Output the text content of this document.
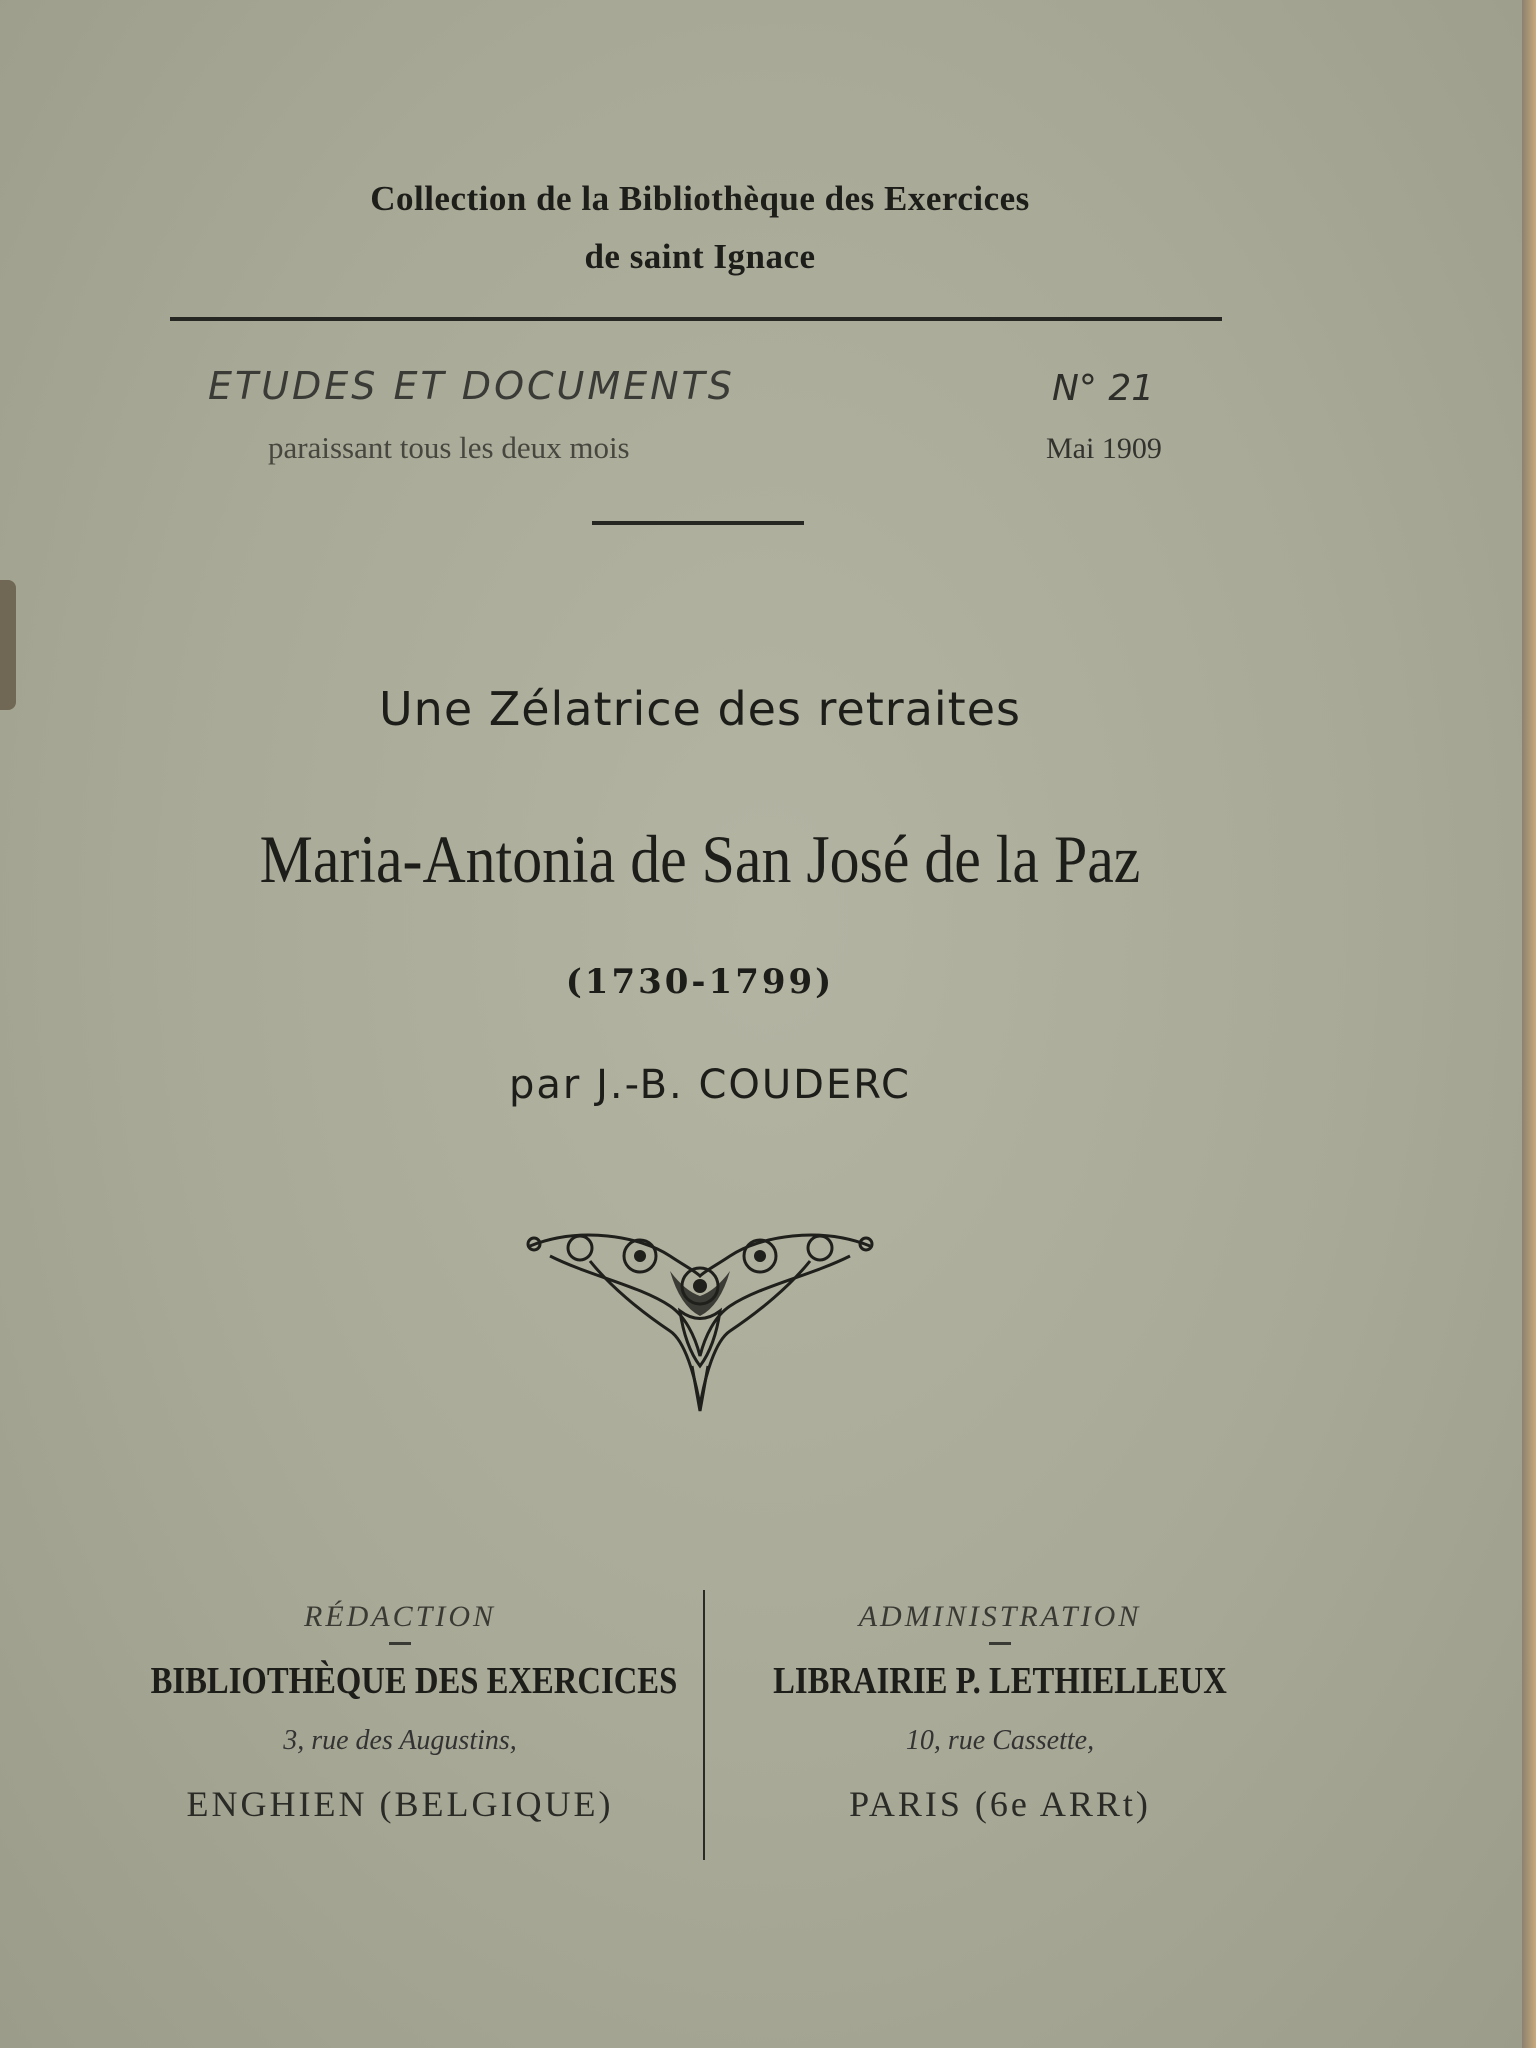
Collection de la Bibliothèque des Exercices
de saint Ignace
ETUDES ET DOCUMENTS
paraissant tous les deux mois
N° 21
Mai 1909
Une Zélatrice des retraites
Maria-Antonia de San José de la Paz
(1730-1799)
par J.-B. COUDERC
RÉDACTION
BIBLIOTHÈQUE DES EXERCICES
3, rue des Augustins,
ENGHIEN (BELGIQUE)
ADMINISTRATION
LIBRAIRIE P. LETHIELLEUX
10, rue Cassette,
PARIS (6e ARRt)
